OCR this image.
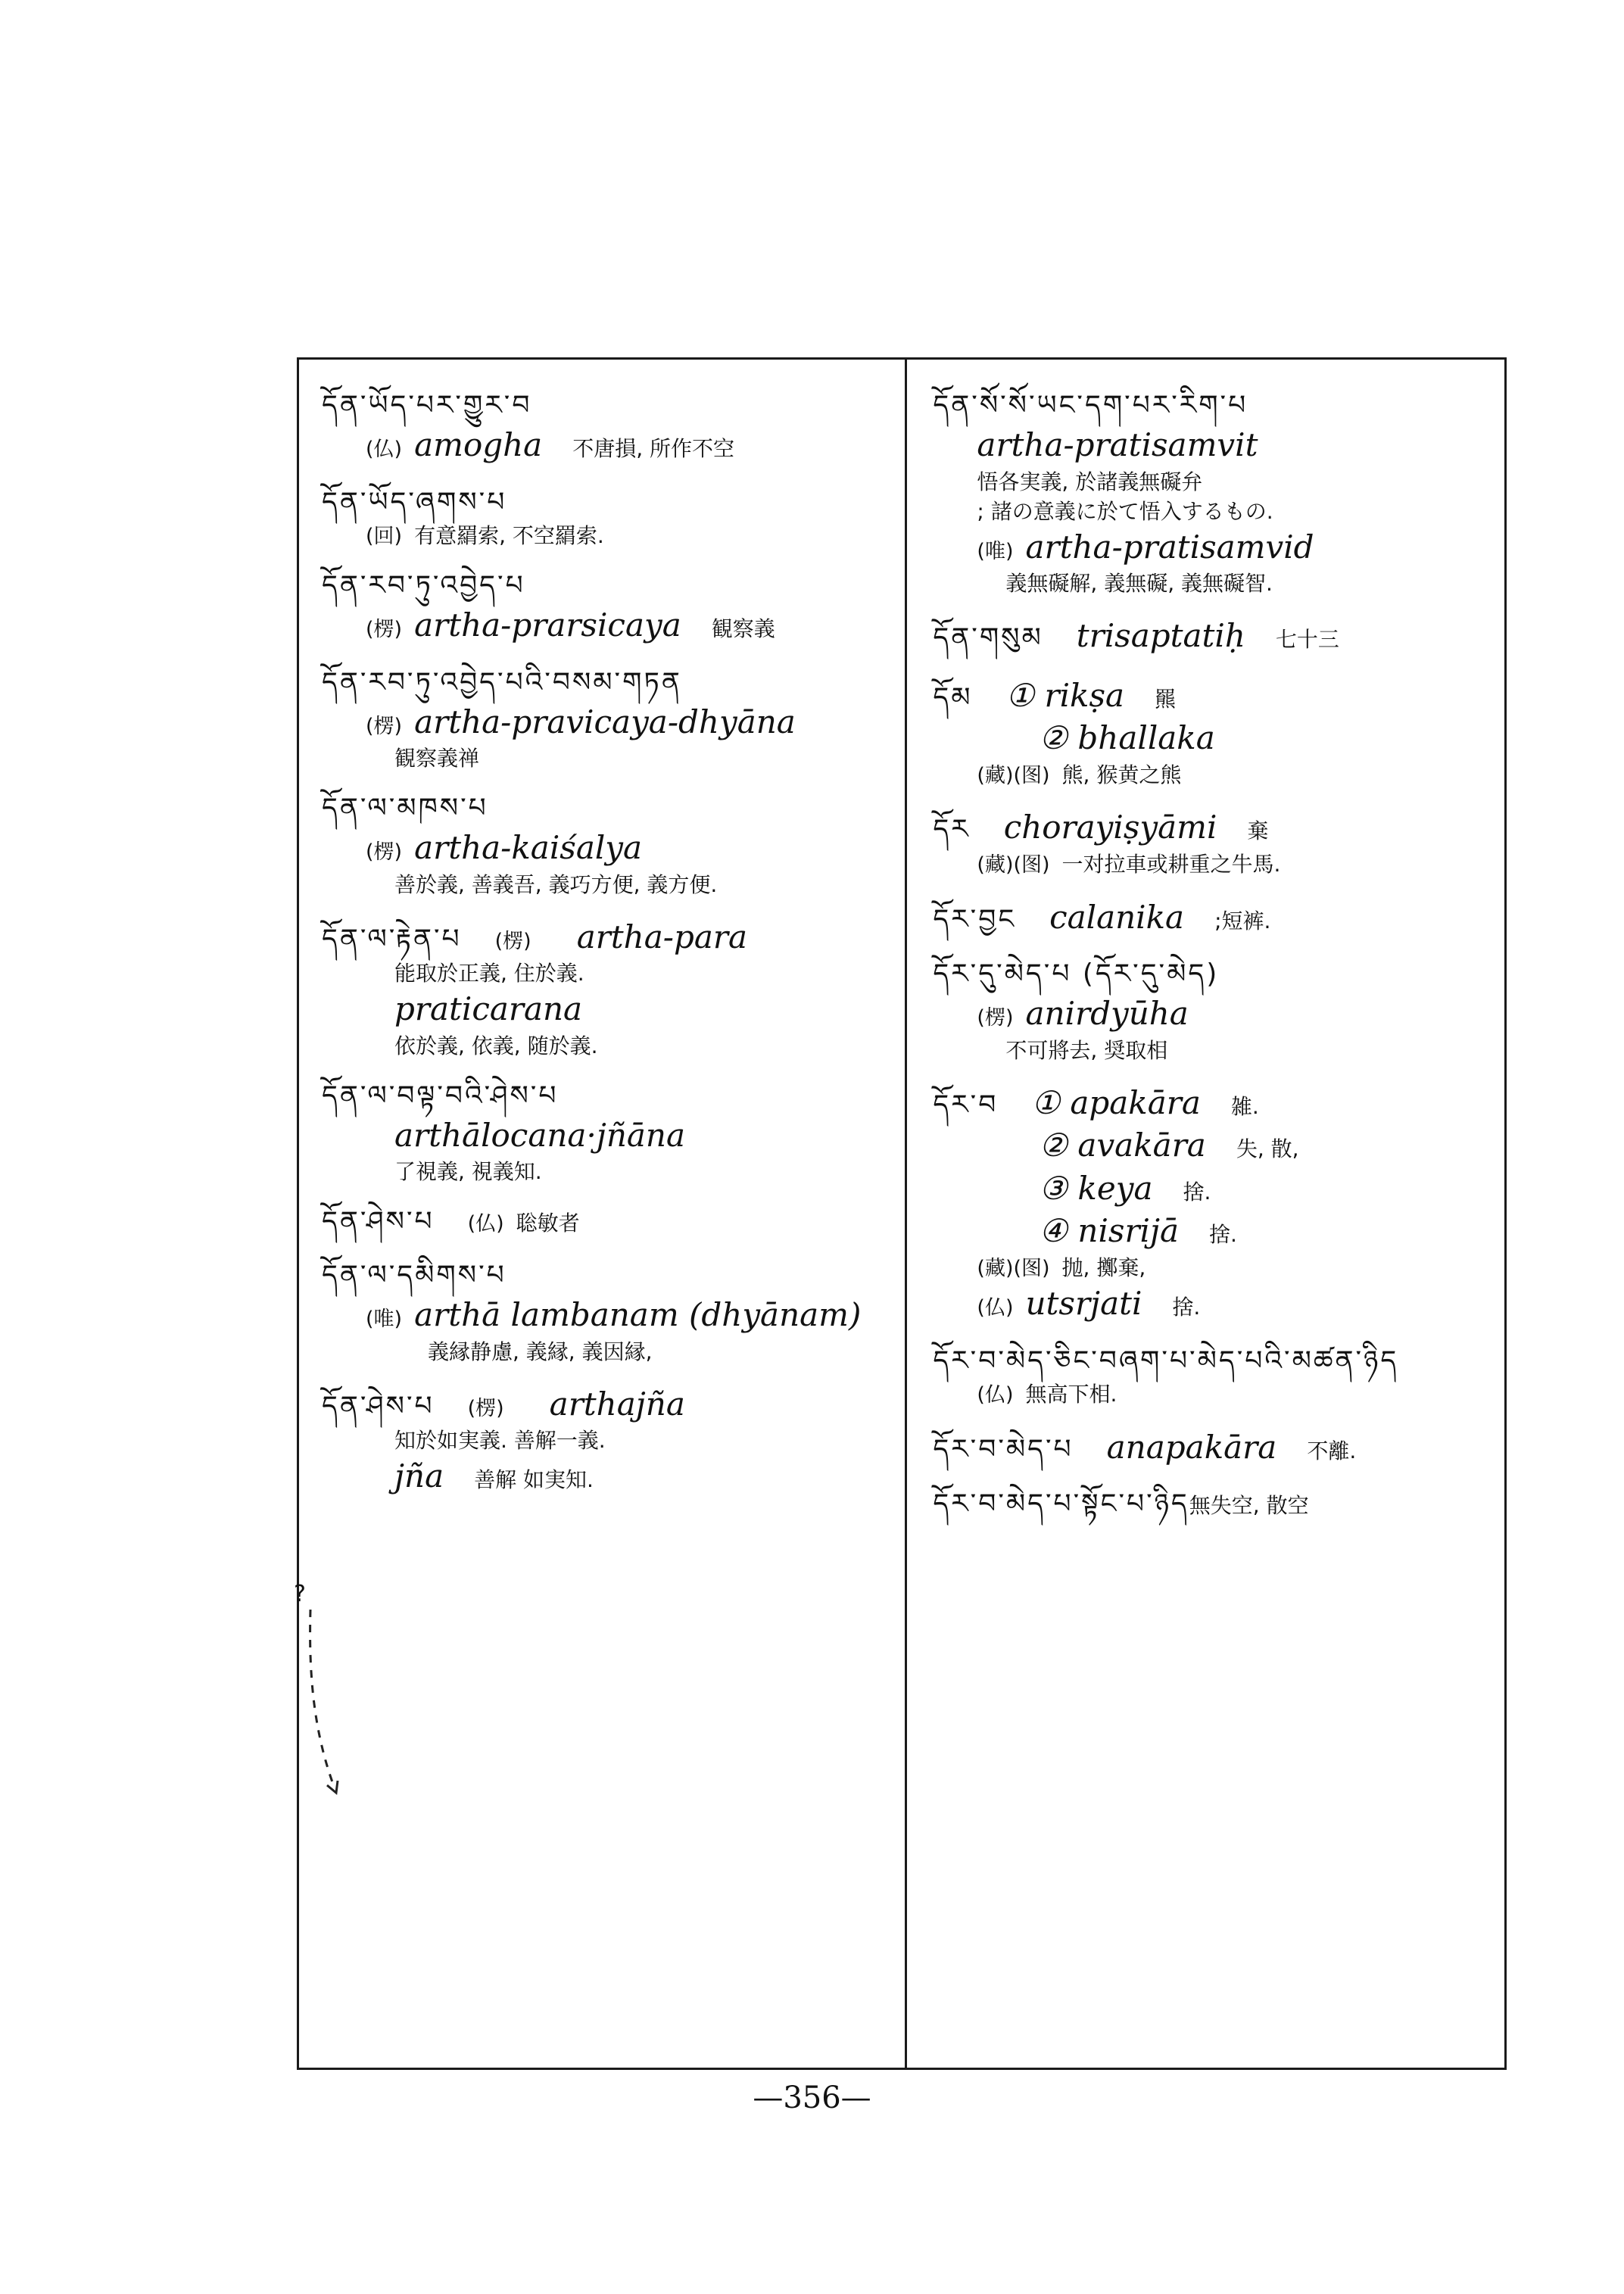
དོན་ཡོད་པར་གྱུར་བ
(仏) amogha 不唐損, 所作不空
དོན་ཡོད་ཞགས་པ
(回) 有意羂索, 不空羂索.
དོན་རབ་ཏུ་འབྱེད་པ
(楞) artha-prarsicaya 観察義
དོན་རབ་ཏུ་འབྱེད་པའི་བསམ་གཏན
(楞) artha-pravicaya-dhyāna
観察義禅
དོན་ལ་མཁས་པ
(楞) artha-kaiśalya
善於義, 善義吾, 義巧方便, 義方便.
དོན་ལ་རྟེན་པ (楞) artha-para
能取於正義, 住於義.
praticarana
依於義, 依義, 随於義.
དོན་ལ་བལྟ་བའི་ཤེས་པ
arthālocana·jñāna
了視義, 視義知.
དོན་ཤེས་པ (仏) 聡敏者
དོན་ལ་དམིགས་པ
(唯) arthā lambanam (dhyānam)
義縁静慮, 義縁, 義因縁,
དོན་ཤེས་པ (楞) arthajña
知於如実義. 善解一義.
jña 善解 如実知.
དོན་སོ་སོ་ཡང་དག་པར་རིག་པ
artha-pratisamvit
悟各実義, 於諸義無礙弁
; 諸の意義に於て悟入するもの.
(唯) artha-pratisamvid
義無礙解, 義無礙, 義無礙智.
དོན་གསུམ trisaptatiḥ 七十三
དོམ ① rikṣa 羆
② bhallaka
(藏)(图) 熊, 猴黄之熊
དོར chorayiṣyāmi 棄
(藏)(图) 一对拉車或耕重之牛馬.
དོར་བྱང calanika ;短裤.
དོར་དུ་མེད་པ (དོར་དུ་མེད)
(楞) anirdyūha
不可將去, 奨取相
དོར་བ ① apakāra 雑.
② avakāra 失, 散,
③ keya 捨.
④ nisrijā 捨.
(藏)(图) 抛, 擲棄,
(仏) utsrjati 捨.
དོར་བ་མེད་ཅིང་བཞག་པ་མེད་པའི་མཚན་ཉིད
(仏) 無高下相.
དོར་བ་མེད་པ anapakāra 不離.
དོར་བ་མེད་པ་སྟོང་པ་ཉིད 無失空, 散空
?
—356—
